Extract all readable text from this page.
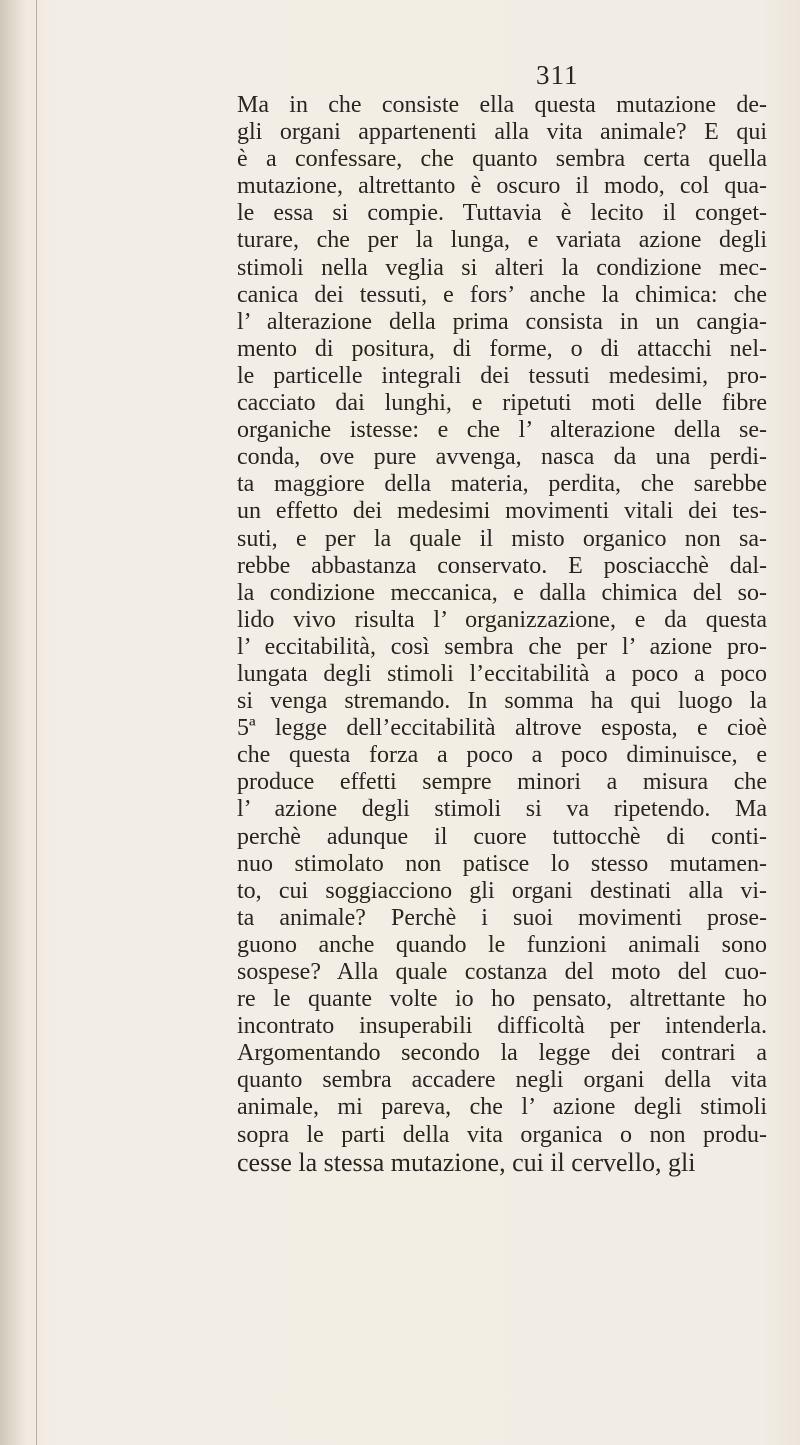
311
Ma in che consiste ella questa mutazione de-
gli organi appartenenti alla vita animale? E qui
è a confessare, che quanto sembra certa quella
mutazione, altrettanto è oscuro il modo, col qua-
le essa si compie. Tuttavia è lecito il conget-
turare, che per la lunga, e variata azione degli
stimoli nella veglia si alteri la condizione mec-
canica dei tessuti, e fors’ anche la chimica: che
l’ alterazione della prima consista in un cangia-
mento di positura, di forme, o di attacchi nel-
le particelle integrali dei tessuti medesimi, pro-
cacciato dai lunghi, e ripetuti moti delle fibre
organiche istesse: e che l’ alterazione della se-
conda, ove pure avvenga, nasca da una perdi-
ta maggiore della materia, perdita, che sarebbe
un effetto dei medesimi movimenti vitali dei tes-
suti, e per la quale il misto organico non sa-
rebbe abbastanza conservato. E posciacchè dal-
la condizione meccanica, e dalla chimica del so-
lido vivo risulta l’ organizzazione, e da questa
l’ eccitabilità, così sembra che per l’ azione pro-
lungata degli stimoli l’eccitabilità a poco a poco
si venga stremando. In somma ha qui luogo la
5ª legge dell’eccitabilità altrove esposta, e cioè
che questa forza a poco a poco diminuisce, e
produce effetti sempre minori a misura che
l’ azione degli stimoli si va ripetendo. Ma
perchè adunque il cuore tuttocchè di conti-
nuo stimolato non patisce lo stesso mutamen-
to, cui soggiacciono gli organi destinati alla vi-
ta animale? Perchè i suoi movimenti prose-
guono anche quando le funzioni animali sono
sospese? Alla quale costanza del moto del cuo-
re le quante volte io ho pensato, altrettante ho
incontrato insuperabili difficoltà per intenderla.
Argomentando secondo la legge dei contrari a
quanto sembra accadere negli organi della vita
animale, mi pareva, che l’ azione degli stimoli
sopra le parti della vita organica o non produ-
cesse la stessa mutazione, cui il cervello, gli
